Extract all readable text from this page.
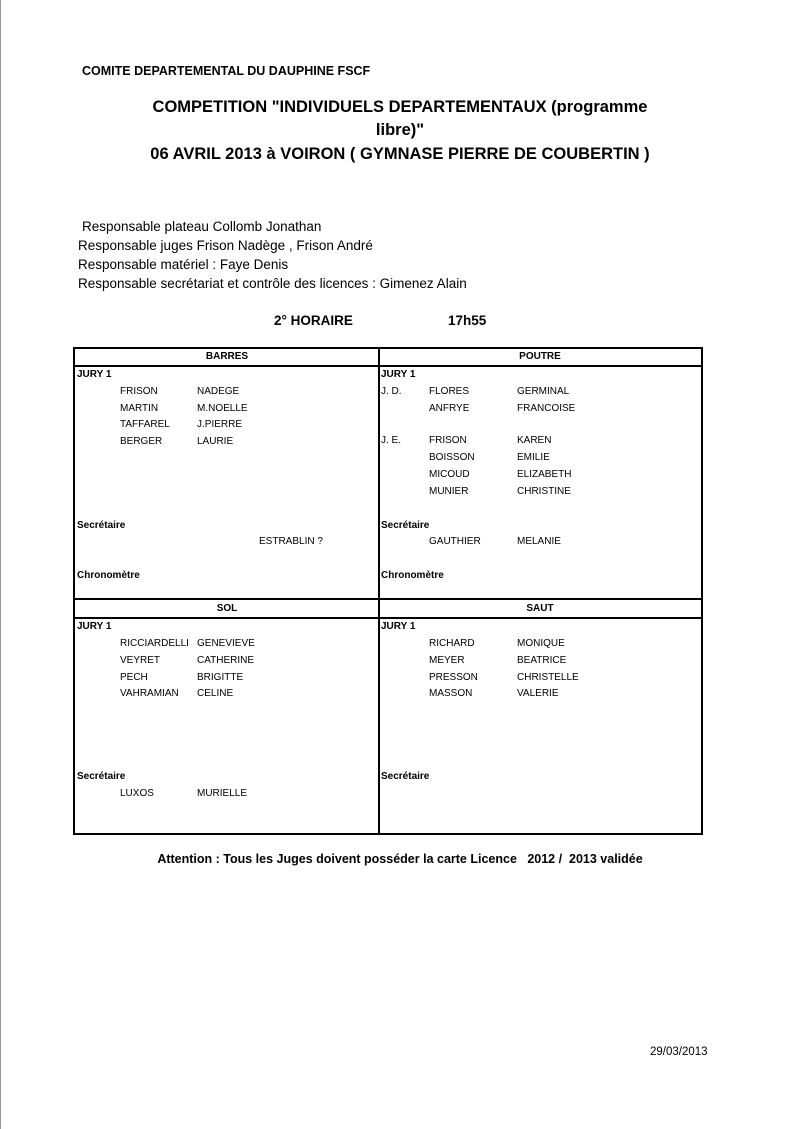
COMITE DEPARTEMENTAL DU DAUPHINE FSCF
COMPETITION "INDIVIDUELS DEPARTEMENTAUX (programme
libre)"
06 AVRIL 2013 à VOIRON ( GYMNASE PIERRE DE COUBERTIN )
Responsable plateau Collomb Jonathan
Responsable juges Frison Nadège , Frison André
Responsable matériel : Faye Denis
Responsable secrétariat et contrôle des licences : Gimenez Alain
2° HORAIRE	17h55
BARRES
JURY 1
FRISON	NADEGE
MARTIN	M.NOELLE
TAFFAREL	J.PIERRE
BERGER	LAURIE
Secrétaire
ESTRABLIN ?
Chronomètre
POUTRE
JURY 1
J. D.	FLORES	GERMINAL
ANFRYE	FRANCOISE
J. E.	FRISON	KAREN
BOISSON	EMILIE
MICOUD	ELIZABETH
MUNIER	CHRISTINE
Secrétaire
GAUTHIER	MELANIE
Chronomètre
SOL
JURY 1
RICCIARDELLI GENEVIEVE
VEYRET	CATHERINE
PECH	BRIGITTE
VAHRAMIAN CELINE
Secrétaire
LUXOS	MURIELLE
SAUT
JURY 1
RICHARD	MONIQUE
MEYER	BEATRICE
PRESSON	CHRISTELLE
MASSON	VALERIE
Secrétaire
Attention : Tous les Juges doivent posséder la carte Licence   2012 /  2013 validée
29/03/2013
